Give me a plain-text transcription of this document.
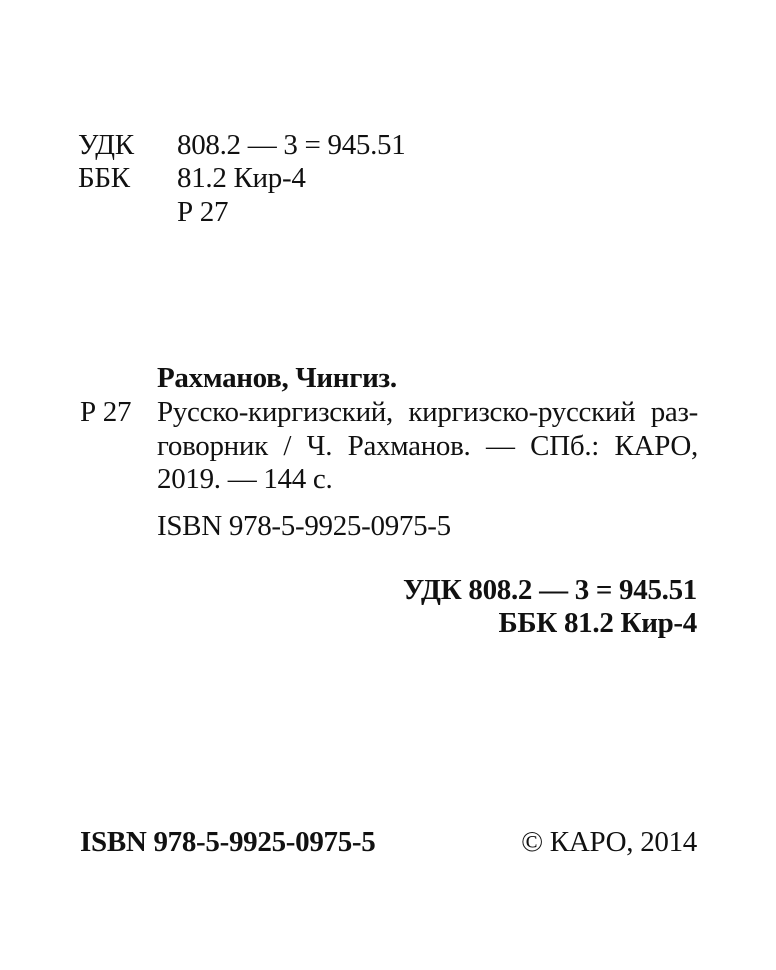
УДК 808.2 — 3 = 945.51
ББК 81.2 Кир-4
Р 27
Рахманов, Чингиз.
Р 27 Русско-киргизский, киргизско-русский раз-
говорник / Ч. Рахманов. — СПб.: КАРО,
2019. — 144 с.
ISBN 978-5-9925-0975-5
УДК 808.2 — 3 = 945.51
ББК 81.2 Кир-4
ISBN 978-5-9925-0975-5	© КАРО, 2014
